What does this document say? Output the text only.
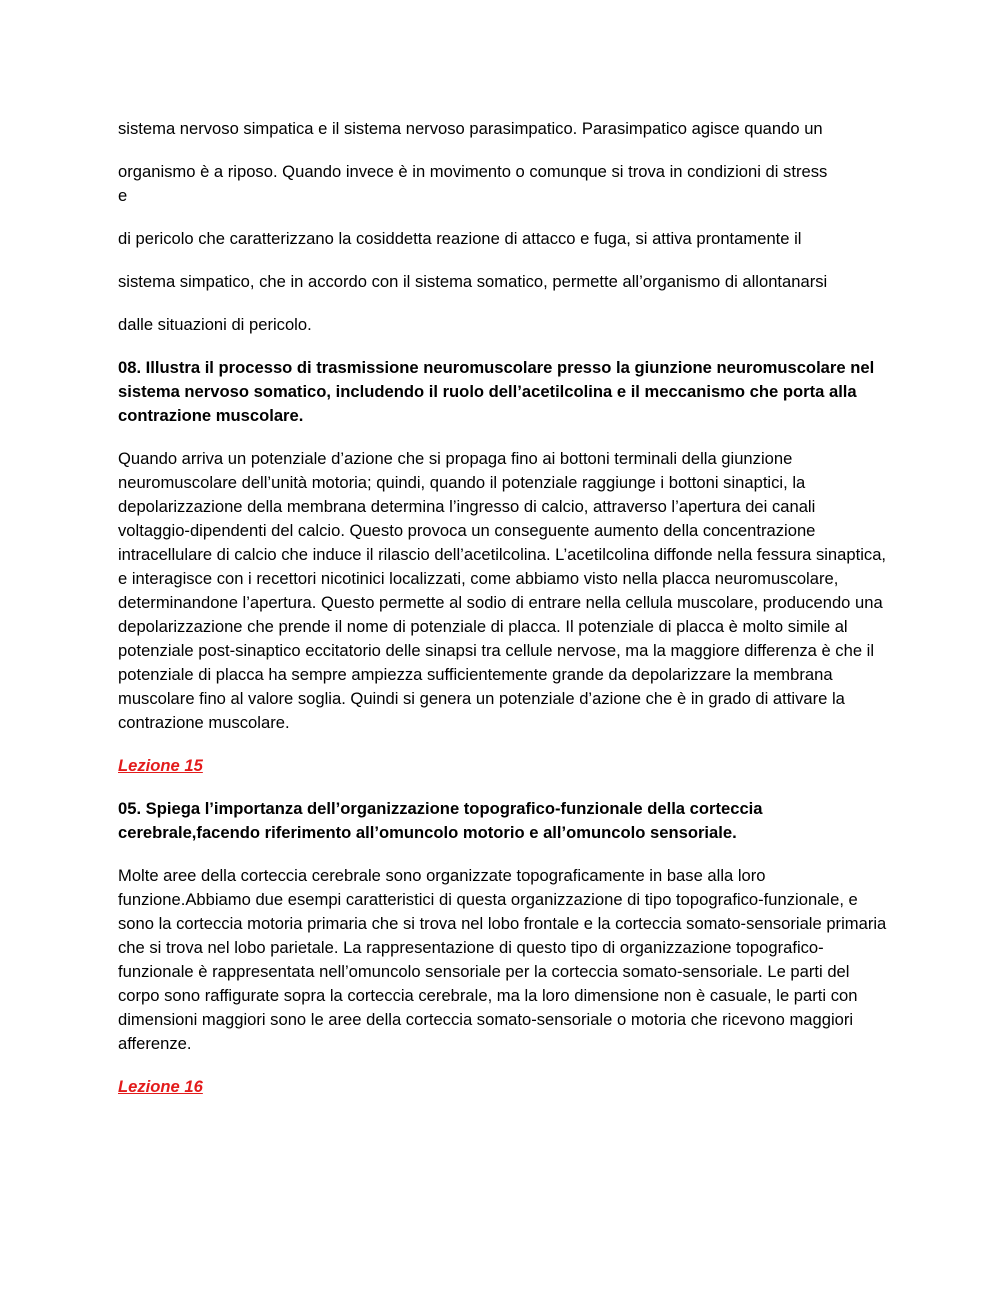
sistema nervoso simpatica e il sistema nervoso parasimpatico. Parasimpatico agisce quando un

organismo è a riposo. Quando invece è in movimento o comunque si trova in condizioni di stress e

di pericolo che caratterizzano la cosiddetta reazione di attacco e fuga, si attiva prontamente il

sistema simpatico, che in accordo con il sistema somatico, permette all’organismo di allontanarsi

dalle situazioni di pericolo.

08. Illustra il processo di trasmissione neuromuscolare presso la giunzione neuromuscolare nel sistema nervoso somatico, includendo il ruolo dell’acetilcolina e il meccanismo che porta alla contrazione muscolare.

Quando arriva un potenziale d’azione che si propaga fino ai bottoni terminali della giunzione neuromuscolare dell’unità motoria; quindi, quando il potenziale raggiunge i bottoni sinaptici, la depolarizzazione della membrana determina l’ingresso di calcio, attraverso l’apertura dei canali voltaggio-dipendenti del calcio. Questo provoca un conseguente aumento della concentrazione intracellulare di calcio che induce il rilascio dell’acetilcolina. L’acetilcolina diffonde nella fessura sinaptica, e interagisce con i recettori nicotinici localizzati, come abbiamo visto nella placca neuromuscolare, determinandone l’apertura. Questo permette al sodio di entrare nella cellula muscolare, producendo una depolarizzazione che prende il nome di potenziale di placca. Il potenziale di placca è molto simile al potenziale post-sinaptico eccitatorio delle sinapsi tra cellule nervose, ma la maggiore differenza è che il potenziale di placca ha sempre ampiezza sufficientemente grande da depolarizzare la membrana muscolare fino al valore soglia. Quindi si genera un potenziale d’azione che è in grado di attivare la contrazione muscolare.

Lezione 15

05. Spiega l’importanza dell’organizzazione topografico-funzionale della corteccia cerebrale,facendo riferimento all’omuncolo motorio e all’omuncolo sensoriale.

Molte aree della corteccia cerebrale sono organizzate topograficamente in base alla loro funzione.Abbiamo due esempi caratteristici di questa organizzazione di tipo topografico-funzionale, e sono la corteccia motoria primaria che si trova nel lobo frontale e la corteccia somato-sensoriale primaria che si trova nel lobo parietale. La rappresentazione di questo tipo di organizzazione topografico-funzionale è rappresentata nell’omuncolo sensoriale per la corteccia somato-sensoriale. Le parti del corpo sono raffigurate sopra la corteccia cerebrale, ma la loro dimensione non è casuale, le parti con dimensioni maggiori sono le aree della corteccia somato-sensoriale o motoria che ricevono maggiori afferenze.

Lezione 16
